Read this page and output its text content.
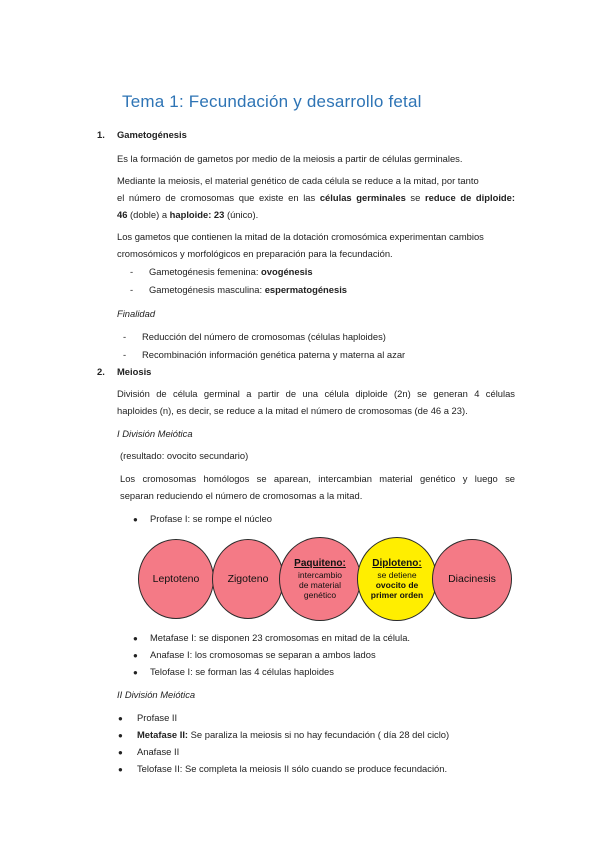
Tema 1: Fecundación y desarrollo fetal
1. Gametogénesis
Es la formación de gametos por medio de la meiosis a partir de células germinales.
Mediante la meiosis, el material genético de cada célula se reduce a la mitad, por tanto
el número de cromosomas que existe en las células germinales se reduce de diploide:
46 (doble) a haploide: 23 (único).
Los gametos que contienen la mitad de la dotación cromosómica experimentan cambios
cromosómicos y morfológicos en preparación para la fecundación.
- Gametogénesis femenina: ovogénesis
- Gametogénesis masculina: espermatogénesis
Finalidad
- Reducción del número de cromosomas (células haploides)
- Recombinación información genética paterna y materna al azar
2. Meiosis
División de célula germinal a partir de una célula diploide (2n) se generan 4 células
haploides (n), es decir, se reduce a la mitad el número de cromosomas (de 46 a 23).
I División Meiótica
(resultado: ovocito secundario)
Los cromosomas homólogos se aparean, intercambian material genético y luego se
separan reduciendo el número de cromosomas a la mitad.
● Profase I: se rompe el núcleo
Leptoteno	Zigoteno
Paquiteno:
intercambio
de material
genético
Diploteno:
se detiene
ovocito de
primer orden
Diacinesis
● Metafase I: se disponen 23 cromosomas en mitad de la célula.
● Anafase I: los cromosomas se separan a ambos lados
● Telofase I: se forman las 4 células haploides
II División Meiótica
● Profase II
● Metafase II: Se paraliza la meiosis si no hay fecundación ( día 28 del ciclo)
● Anafase II
● Telofase II: Se completa la meiosis II sólo cuando se produce fecundación.
